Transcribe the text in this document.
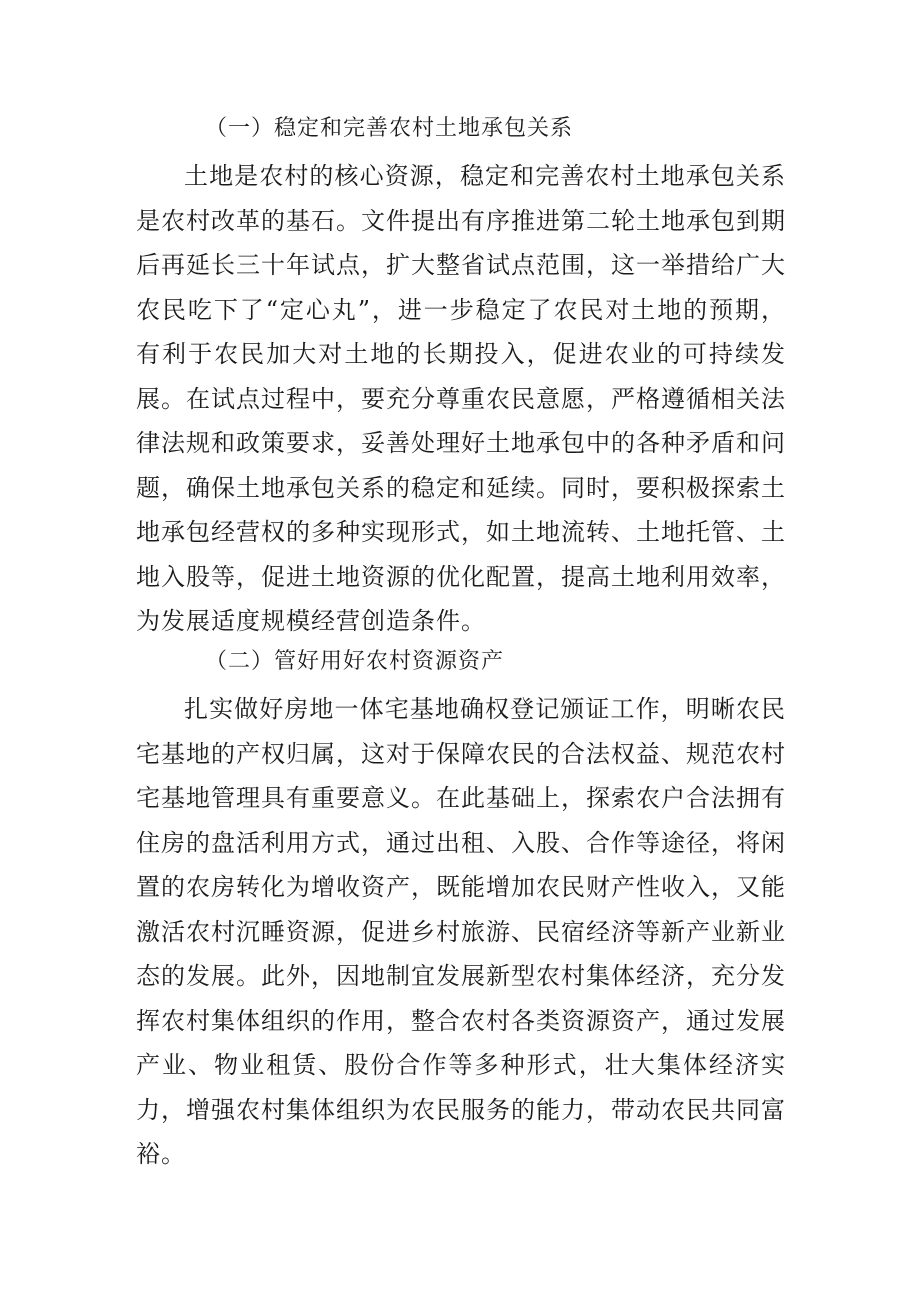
（一）稳定和完善农村土地承包关系

土地是农村的核心资源，稳定和完善农村土地承包关系是农村改革的基石。文件提出有序推进第二轮土地承包到期后再延长三十年试点，扩大整省试点范围，这一举措给广大农民吃下了“定心丸”，进一步稳定了农民对土地的预期，有利于农民加大对土地的长期投入，促进农业的可持续发展。在试点过程中，要充分尊重农民意愿，严格遵循相关法律法规和政策要求，妥善处理好土地承包中的各种矛盾和问题，确保土地承包关系的稳定和延续。同时，要积极探索土地承包经营权的多种实现形式，如土地流转、土地托管、土地入股等，促进土地资源的优化配置，提高土地利用效率，为发展适度规模经营创造条件。

（二）管好用好农村资源资产

扎实做好房地一体宅基地确权登记颁证工作，明晰农民宅基地的产权归属，这对于保障农民的合法权益、规范农村宅基地管理具有重要意义。在此基础上，探索农户合法拥有住房的盘活利用方式，通过出租、入股、合作等途径，将闲置的农房转化为增收资产，既能增加农民财产性收入，又能激活农村沉睡资源，促进乡村旅游、民宿经济等新产业新业态的发展。此外，因地制宜发展新型农村集体经济，充分发挥农村集体组织的作用，整合农村各类资源资产，通过发展产业、物业租赁、股份合作等多种形式，壮大集体经济实力，增强农村集体组织为农民服务的能力，带动农民共同富裕。
